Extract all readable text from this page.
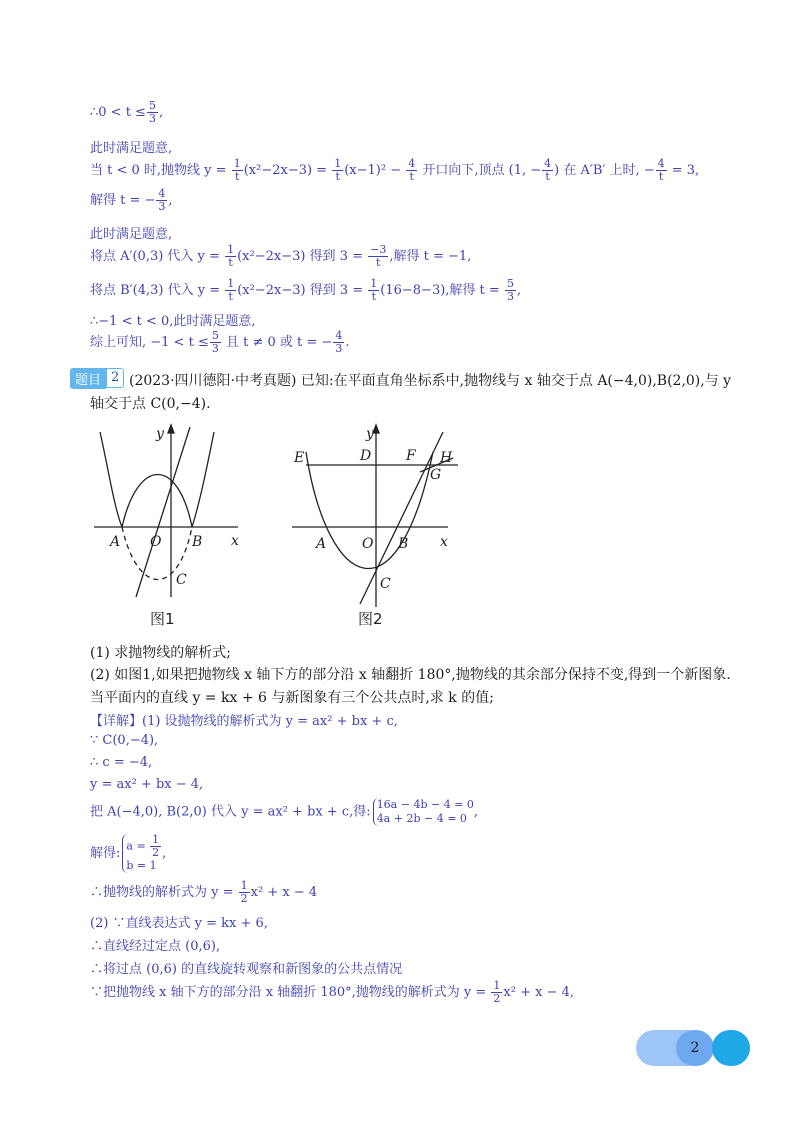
∴0 < $t \le \frac{5}{3}$ ,
此时满足题意,
当 t < 0 时,抛物线 $y = \frac{1}{t} (x^2-2x-3) = \frac{1}{t} (x-1)^2 - \frac{4}{t}$ 开口向下,顶点 (1, − $\frac{4}{t}$ ) 在 A′B′ 上时, − $\frac{4}{t} = 3$,
解得 t = − $\frac{4}{3}$ ,
此时满足题意,
将点 A′(0,3) 代入 $y = \frac{1}{t} (x^2-2x-3)$ 得到 $3 = \frac{-3}{t}$ ,解得 t = −1,
将点 B′(4,3) 代入 $y = \frac{1}{t} (x^2-2x-3)$ 得到 $3 = \frac{1}{t} (16-8-3)$,解得 $t = \frac{5}{3}$ ,
∴−1 < t < 0,此时满足题意,
综上可知, $-1 < t \le \frac{5}{3}$ 且 t ≠ 0 或 t = − $\frac{4}{3}$ .
题目 2 (2023·四川德阳·中考真题) 已知:在平面直角坐标系中,抛物线与 x 轴交于点 A(−4,0),B(2,0),与 y
轴交于点 C(0,−4).
y
x
A O B
C
图1
y
x
E	D F H
G
A	O B
C
图2
(1) 求抛物线的解析式;
(2) 如图1,如果把抛物线 x 轴下方的部分沿 x 轴翻折 180°,抛物线的其余部分保持不变,得到一个新图象.
当平面内的直线 y = kx + 6 与新图象有三个公共点时,求 k 的值;
【详解】(1) 设抛物线的解析式为 y = ax² + bx + c,
∵ C(0,−4),
∴ c = −4,
y = ax² + bx − 4,
把 A(−4,0), B(2,0) 代入 y = ax² + bx + c,得: 16a − 4b − 4 = 0
4a + 2b − 4 = 0 ,
解得: $a = \frac{1}{2}$
b = 1
,
∴抛物线的解析式为 $y = \frac{1}{2} x^2 + x - 4$
(2) ∵直线表达式 y = kx + 6,
∴直线经过定点 (0,6),
∴将过点 (0,6) 的直线旋转观察和新图象的公共点情况
∵把抛物线 x 轴下方的部分沿 x 轴翻折 180°,抛物线的解析式为 $y = \frac{1}{2} x^2 + x - 4$,
2
